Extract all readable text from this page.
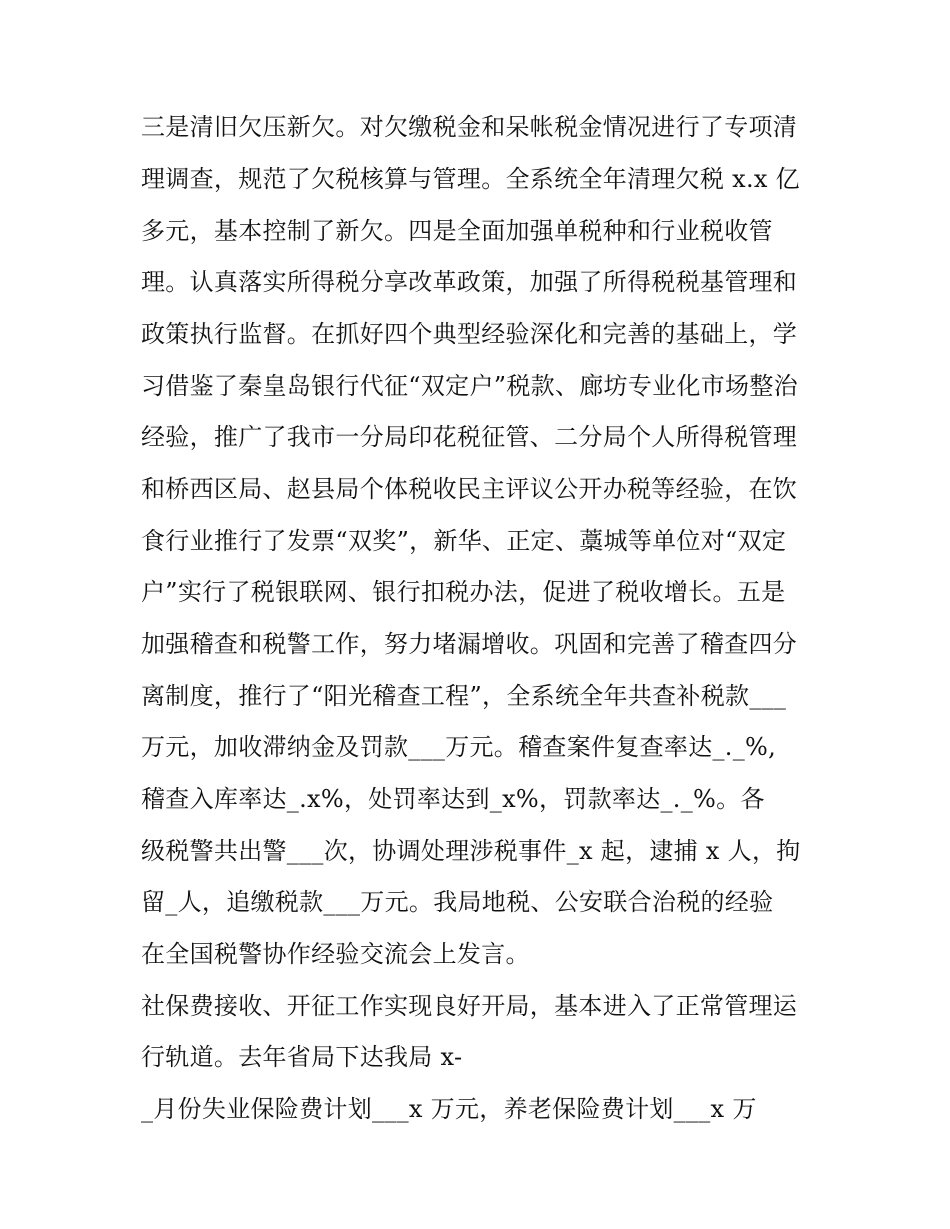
三是清旧欠压新欠。对欠缴税金和呆帐税金情况进行了专项清
理调查，规范了欠税核算与管理。全系统全年清理欠税 x.x 亿
多元，基本控制了新欠。四是全面加强单税种和行业税收管
理。认真落实所得税分享改革政策，加强了所得税税基管理和
政策执行监督。在抓好四个典型经验深化和完善的基础上，学
习借鉴了秦皇岛银行代征“双定户”税款、廊坊专业化市场整治
经验，推广了我市一分局印花税征管、二分局个人所得税管理
和桥西区局、赵县局个体税收民主评议公开办税等经验，在饮
食行业推行了发票“双奖”，新华、正定、藁城等单位对“双定
户”实行了税银联网、银行扣税办法，促进了税收增长。五是
加强稽查和税警工作，努力堵漏增收。巩固和完善了稽查四分
离制度，推行了“阳光稽查工程”，全系统全年共查补税款___
万元，加收滞纳金及罚款___万元。稽查案件复查率达_._%,
稽查入库率达_.x%，处罚率达到_x%，罚款率达_._%。各
级税警共出警___次，协调处理涉税事件_x 起，逮捕 x 人，拘
留_人，追缴税款___万元。我局地税、公安联合治税的经验
在全国税警协作经验交流会上发言。
社保费接收、开征工作实现良好开局，基本进入了正常管理运
行轨道。去年省局下达我局 x-
_月份失业保险费计划___x 万元，养老保险费计划___x 万
